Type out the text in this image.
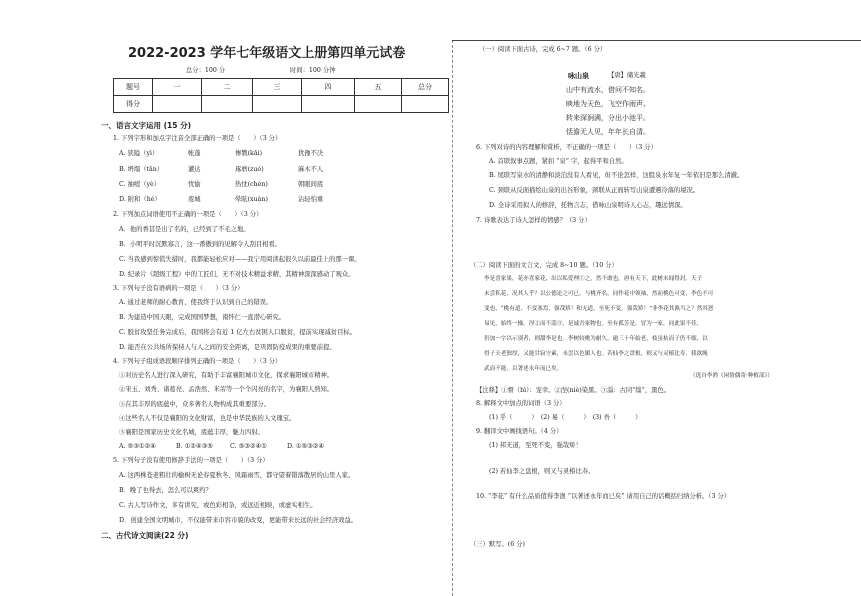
2022-2023 学年七年级语文上册第四单元试卷
总分：100 分	时间：100 分钟
题号	一	二	三	四	五	总分
得分						
一、语言文字运用 (15 分)
1. 下列字形和加点字注音全部正确的一项是（　　）（3 分）
A. 狭隘（yì）	帐蓬	惨戮(kāi)	犹豫不决
B. 坍塌（tān）	灌达	琢磨(zuó)	麻木不人
C. 抽噎（yè）	忧愉	热忱(chén)	朝眼间底
D. 附和（hé）	废城	晕眩(xuàn)	沾轻怕重
2. 下列加点词语使用不正确的一项是（　　）（3 分）
A．他的香甚是出了名的，已经到了不毛之地。
B．小明平时沉默寡言，这一番傲到的见解令人刮目相看。
C. 当我感到惊慌失措时，我都能轻松应对——我宁用阅读起很久以前最佳上的那一课。
D. 纪录片《超级工程》中的工匠们，无不对技术精益求精，其精神深深感动了观众。
3. 下列句子没有语病的一项是（　　）（3 分）
A. 通过老师的耐心教育，使我终于认识到自己的错误。
B. 为建造中国天眼，完成国国梦想，南怀仁一直潜心研究。
C. 脱贫攻坚任务完成后，我国将会有近 1 亿左右贫困人口脱贫，提前实现减贫目标。
D. 能否在公共场所保持人与人之间的安全距离，是巩固防疫成果的重要前提。
4. 下列句子组成语段顺序排列正确的一项是（　　）（3 分）
①对历史名人进行深入研究，有助于丰富襄阳城市文化，探求襄阳城市精神。
②宋玉、刘秀、诸葛亮、孟浩然、米芾等一个个闪亮的名字，为襄阳人熟知。
③在其丰厚的底蕴中，众多著名人物构成其重要部分。
④这些名人不仅是襄阳的文化财富，也是中华民族的人文瑰宝。
⑤襄阳是国家历史文化名城，底蕴丰厚，魅力四射。
A. ⑤③①②④	B. ①②④③⑤	C. ⑤③②④①	D. ①⑤③②④
5. 下列句子没有使用修辞手法的一项是（　　）（3 分）
A. 这两株苍老粗壮的榆树无论春夏秋冬、风霜雨雪，都守望着错落散居的山里人家。
B．晚了也得去，怎么可以爽约？
C. 古人写诗作文，多有讲究，或色彩相杂，或远近相映，或虚实相生。
D．创建全国文明城市，不仅能带来市容市貌的改变，更能带来长远的社会经济效益。
二、古代诗文阅读(22 分)
（一）阅读下面古诗，完成 6~7 题。（6 分）
咏山泉	【唐】储光羲
山中有流水，借问不知名。
映地为天色，飞空作雨声。
转来深涧满，分出小池平。
恬澹无人见，年年长自清。
6. 下列对诗的内容理解和赏析，不正确的一项是（　　）（3 分）
A. 首联叙事点题，紧扣 “泉” 字，起得平和自然。
B. 尾联写泉水的清静和淡泊没有人看见，但不论怎样，这股泉水年复一年依旧是那么清澈。
C. 颈联从反面描绘山泉的出谷形象，颈联从正面转写山泉遭遇冷落的境况。
D. 全诗采用拟人的修辞，托物言志，借咏山泉明诗人心志，趣远情深。
7. 诗歌表达了诗人怎样的情感？（3 分）
（二）阅读下面的文言文，完成 8~10 题。（10 分）
李是喜家果，花亦喜家花，出以私爱理①之，然不敢也。唐有天下，此树未闻得封。天子
未尝私花，况其人乎？以公德论之可已。与桃齐名，同作花中领袖，然而桃色可变，李色不可
变也，“桃有道，不变塞焉，强哉矫！和无道，至死不变，强哉矫！”非李花其孰当之？然其恕
易见，始终一操。涅②而不淄③，是诚吾家物也。至有孤芳是，冒为一家，同此果不佳，
仍加一字以示别者，则甜李是也。李树较桃为耐久，逾三十年始老，枝虽枯而子仍不细，以
得子天老独厚，又能甘寂守素，未尝以色媚人也。若仙李之盘根，则又与灵椿比寿。我欲绳
武而不能，以著述永年而已矣。
（选自李渔《闲情偶寄·种植部》）
【注释】①督（bì）：宠幸。②涅(niè)染黑。③淄：古同“缁”，黑色。
8. 解释文中加点的词语（3 分）
(1) 乎（　　　）　(2) 易（　　　）　(3) 吾（　　　）
9. 翻译文中画线语句。（4 分）
(1) 邦无道，至死不变，强哉矫！
(2) 若仙李之盘根，则又与灵椿比寿。
10. “李花” 有什么品质值得李渔 “以著述永年而已矣” 请用自己的话概括归纳分析。（3 分）
（三）默写。(6 分)
